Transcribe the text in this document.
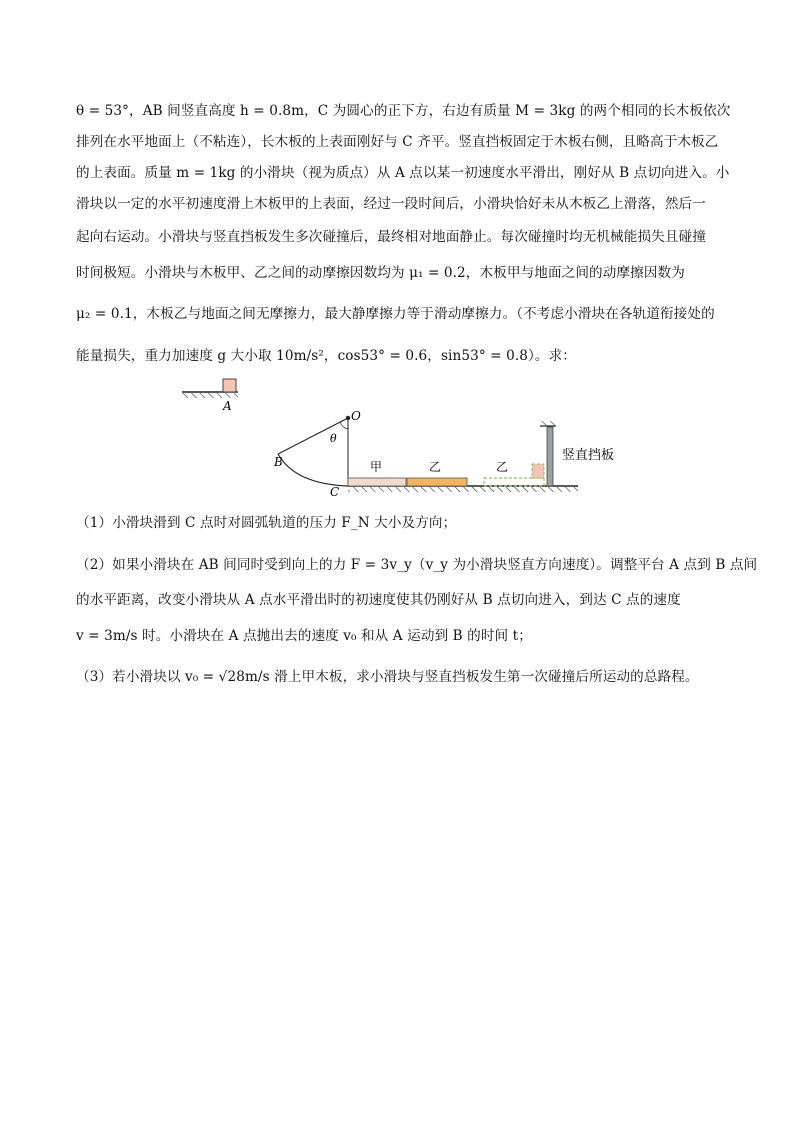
θ = 53°，AB 间竖直高度 h = 0.8m，C 为圆心的正下方，右边有质量 M = 3kg 的两个相同的长木板依次
排列在水平地面上（不粘连），长木板的上表面刚好与 C 齐平。竖直挡板固定于木板右侧，且略高于木板乙
的上表面。质量 m = 1kg 的小滑块（视为质点）从 A 点以某一初速度水平滑出，刚好从 B 点切向进入。小
滑块以一定的水平初速度滑上木板甲的上表面，经过一段时间后，小滑块恰好未从木板乙上滑落，然后一
起向右运动。小滑块与竖直挡板发生多次碰撞后，最终相对地面静止。每次碰撞时均无机械能损失且碰撞
时间极短。小滑块与木板甲、乙之间的动摩擦因数均为 μ₁ = 0.2，木板甲与地面之间的动摩擦因数为
μ₂ = 0.1，木板乙与地面之间无摩擦力，最大静摩擦力等于滑动摩擦力。（不考虑小滑块在各轨道衔接处的
能量损失，重力加速度 g 大小取 10m/s²，cos53° = 0.6，sin53° = 0.8）。求：
A
O
θ
B
C
甲	乙	乙
竖直挡板
（1）小滑块滑到 C 点时对圆弧轨道的压力 F_N 大小及方向；
（2）如果小滑块在 AB 间同时受到向上的力 F = 3v_y（v_y 为小滑块竖直方向速度）。调整平台 A 点到 B 点间
的水平距离，改变小滑块从 A 点水平滑出时的初速度使其仍刚好从 B 点切向进入，到达 C 点的速度
v = 3m/s 时。小滑块在 A 点抛出去的速度 v₀ 和从 A 运动到 B 的时间 t；
（3）若小滑块以 v₀ = √28m/s 滑上甲木板，求小滑块与竖直挡板发生第一次碰撞后所运动的总路程。
